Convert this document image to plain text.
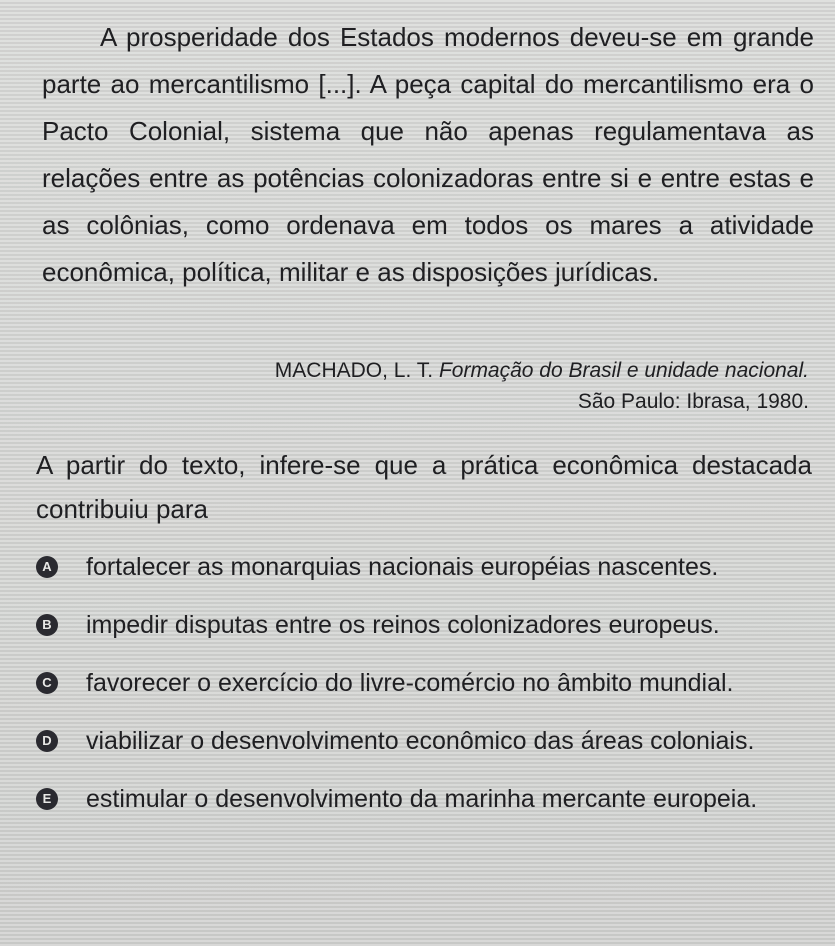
A prosperidade dos Estados modernos deveu-se em grande parte ao mercantilismo [...]. A peça capital do mercantilismo era o Pacto Colonial, sistema que não apenas regulamentava as relações entre as potências colonizadoras entre si e entre estas e as colônias, como ordenava em todos os mares a atividade econômica, política, militar e as disposições jurídicas.

MACHADO, L. T. Formação do Brasil e unidade nacional.
São Paulo: Ibrasa, 1980.

A partir do texto, infere-se que a prática econômica destacada contribuiu para

A fortalecer as monarquias nacionais européias nascentes.
B impedir disputas entre os reinos colonizadores europeus.
C favorecer o exercício do livre-comércio no âmbito mundial.
D viabilizar o desenvolvimento econômico das áreas coloniais.
E estimular o desenvolvimento da marinha mercante europeia.
